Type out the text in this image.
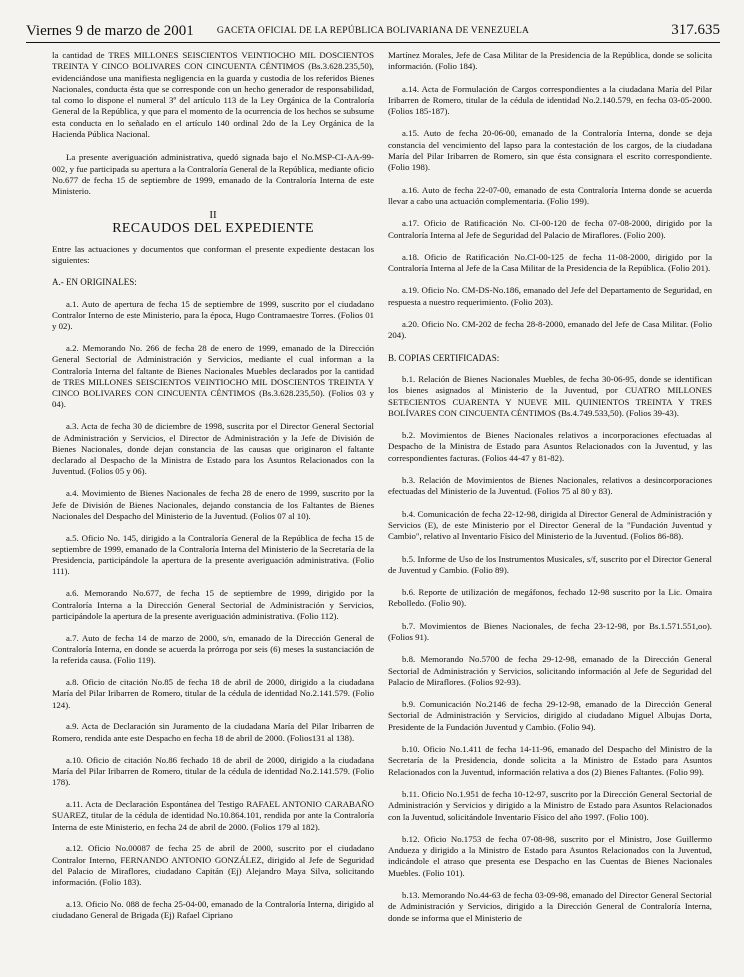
Viernes 9 de marzo de 2001	GACETA OFICIAL DE LA REPÚBLICA BOLIVARIANA DE VENEZUELA	317.635

la cantidad de TRES MILLONES SEISCIENTOS VEINTIOCHO MIL DOSCIENTOS TREINTA Y CINCO BOLIVARES CON CINCUENTA CÉNTIMOS (Bs.3.628.235,50), evidenciándose una manifiesta negligencia en la guarda y custodia de los referidos Bienes Nacionales, conducta ésta que se corresponde con un hecho generador de responsabilidad, tal como lo dispone el numeral 3º del artículo 113 de la Ley Orgánica de la Contraloría General de la República, y que para el momento de la ocurrencia de los hechos se subsume esta conducta en lo señalado en el artículo 140 ordinal 2do de la Ley Orgánica de la Hacienda Pública Nacional.

La presente averiguación administrativa, quedó signada bajo el No.MSP-CI-AA-99-002, y fue participada su apertura a la Contraloría General de la República, mediante oficio No.677 de fecha 15 de septiembre de 1999, emanado de la Contraloría Interna de este Ministerio.

II
RECAUDOS DEL EXPEDIENTE

Entre las actuaciones y documentos que conforman el presente expediente destacan los siguientes:

A.- EN ORIGINALES:

a.1. Auto de apertura de fecha 15 de septiembre de 1999, suscrito por el ciudadano Contralor Interno de este Ministerio, para la época, Hugo Contramaestre Torres. (Folios 01 y 02).

a.2. Memorando No. 266 de fecha 28 de enero de 1999, emanado de la Dirección General Sectorial de Administración y Servicios, mediante el cual informan a la Contraloría Interna del faltante de Bienes Nacionales Muebles declarados por la cantidad de TRES MILLONES SEISCIENTOS VEINTIOCHO MIL DOSCIENTOS TREINTA Y CINCO BOLIVARES CON CINCUENTA CÉNTIMOS (Bs.3.628.235,50). (Folios 03 y 04).

a.3. Acta de fecha 30 de diciembre de 1998, suscrita por el Director General Sectorial de Administración y Servicios, el Director de Administración y la Jefe de División de Bienes Nacionales, donde dejan constancia de las causas que originaron el faltante declarado al Despacho de la Ministra de Estado para los Asuntos Relacionados con la Juventud. (Folios 05 y 06).

a.4. Movimiento de Bienes Nacionales de fecha 28 de enero de 1999, suscrito por la Jefe de División de Bienes Nacionales, dejando constancia de los Faltantes de Bienes Nacionales del Despacho del Ministerio de la Juventud. (Folios 07 al 10).

a.5. Oficio No. 145, dirigido a la Contraloría General de la República de fecha 15 de septiembre de 1999, emanado de la Contraloría Interna del Ministerio de la Secretaría de la Presidencia, participándole la apertura de la presente averiguación administrativa. (Folio 111).

a.6. Memorando No.677, de fecha 15 de septiembre de 1999, dirigido por la Contraloría Interna a la Dirección General Sectorial de Administración y Servicios, participándole la apertura de la presente averiguación administrativa. (Folio 112).

a.7. Auto de fecha 14 de marzo de 2000, s/n, emanado de la Dirección General de Contraloría Interna, en donde se acuerda la prórroga por seis (6) meses la sustanciación de la referida causa. (Folio 119).

a.8. Oficio de citación No.85 de fecha 18 de abril de 2000, dirigido a la ciudadana María del Pilar Iribarren de Romero, titular de la cédula de identidad No.2.141.579. (Folio 124).

a.9. Acta de Declaración sin Juramento de la ciudadana María del Pilar Iribarren de Romero, rendida ante este Despacho en fecha 18 de abril de 2000. (Folios131 al 138).

a.10. Oficio de citación No.86 fechado 18 de abril de 2000, dirigido a la ciudadana María del Pilar Iribarren de Romero, titular de la cédula de identidad No.2.141.579. (Folio 178).

a.11. Acta de Declaración Espontánea del Testigo RAFAEL ANTONIO CARABAÑO SUAREZ, titular de la cédula de identidad No.10.864.101, rendida por ante la Contraloría Interna de este Ministerio, en fecha 24 de abril de 2000. (Folios 179 al 182).

a.12. Oficio No.00087 de fecha 25 de abril de 2000, suscrito por el ciudadano Contralor Interno, FERNANDO ANTONIO GONZÁLEZ, dirigido al Jefe de Seguridad del Palacio de Miraflores, ciudadano Capitán (Ej) Alejandro Maya Silva, solicitando información. (Folio 183).

a.13. Oficio No. 088 de fecha 25-04-00, emanado de la Contraloría Interna, dirigido al ciudadano General de Brigada (Ej) Rafael Cipriano

Martínez Morales, Jefe de Casa Militar de la Presidencia de la República, donde se solicita información. (Folio 184).

a.14. Acta de Formulación de Cargos correspondientes a la ciudadana María del Pilar Iribarren de Romero, titular de la cédula de identidad No.2.140.579, en fecha 03-05-2000. (Folios 185-187).

a.15. Auto de fecha 20-06-00, emanado de la Contraloría Interna, donde se deja constancia del vencimiento del lapso para la contestación de los cargos, de la ciudadana María del Pilar Iribarren de Romero, sin que ésta consignara el escrito correspondiente. (Folio 198).

a.16. Auto de fecha 22-07-00, emanado de esta Contraloría Interna donde se acuerda llevar a cabo una actuación complementaria. (Folio 199).

a.17. Oficio de Ratificación No. CI-00-120 de fecha 07-08-2000, dirigido por la Contraloría Interna al Jefe de Seguridad del Palacio de Miraflores. (Folio 200).

a.18. Oficio de Ratificación No.CI-00-125 de fecha 11-08-2000, dirigido por la Contraloría Interna al Jefe de la Casa Militar de la Presidencia de la República. (Folio 201).

a.19. Oficio No. CM-DS-No.186, emanado del Jefe del Departamento de Seguridad, en respuesta a nuestro requerimiento. (Folio 203).

a.20. Oficio No. CM-202 de fecha 28-8-2000, emanado del Jefe de Casa Militar. (Folio 204).

B. COPIAS CERTIFICADAS:

b.1. Relación de Bienes Nacionales Muebles, de fecha 30-06-95, donde se identifican los bienes asignados al Ministerio de la Juventud, por CUATRO MILLONES SETECIENTOS CUARENTA Y NUEVE MIL QUINIENTOS TREINTA Y TRES BOLÍVARES CON CINCUENTA CÉNTIMOS (Bs.4.749.533,50). (Folios 39-43).

b.2. Movimientos de Bienes Nacionales relativos a incorporaciones efectuadas al Despacho de la Ministra de Estado para Asuntos Relacionados con la Juventud, y las correspondientes facturas. (Folios 44-47 y 81-82).

b.3. Relación de Movimientos de Bienes Nacionales, relativos a desincorporaciones efectuadas del Ministerio de la Juventud. (Folios 75 al 80 y 83).

b.4. Comunicación de fecha 22-12-98, dirigida al Director General de Administración y Servicios (E), de este Ministerio por el Director General de la "Fundación Juventud y Cambio", relativo al Inventario Físico del Ministerio de la Juventud. (Folios 86-88).

b.5. Informe de Uso de los Instrumentos Musicales, s/f, suscrito por el Director General de Juventud y Cambio. (Folio 89).

b.6. Reporte de utilización de megáfonos, fechado 12-98 suscrito por la Lic. Omaira Rebolledo. (Folio 90).

b.7. Movimientos de Bienes Nacionales, de fecha 23-12-98, por Bs.1.571.551,oo). (Folios 91).

b.8. Memorando No.5700 de fecha 29-12-98, emanado de la Dirección General Sectorial de Administración y Servicios, solicitando información al Jefe de Seguridad del Palacio de Miraflores. (Folios 92-93).

b.9. Comunicación No.2146 de fecha 29-12-98, emanado de la Dirección General Sectorial de Administración y Servicios, dirigido al ciudadano Miguel Albujas Dorta, Presidente de la Fundación Juventud y Cambio. (Folio 94).

b.10. Oficio No.1.411 de fecha 14-11-96, emanado del Despacho del Ministro de la Secretaría de la Presidencia, donde solicita a la Ministro de Estado para Asuntos Relacionados con la Juventud, información relativa a dos (2) Bienes Faltantes. (Folio 99).

b.11. Oficio No.1.951 de fecha 10-12-97, suscrito por la Dirección General Sectorial de Administración y Servicios y dirigido a la Ministro de Estado para Asuntos Relacionados con la Juventud, solicitándole Inventario Físico del año 1997. (Folio 100).

b.12. Oficio No.1753 de fecha 07-08-98, suscrito por el Ministro, Jose Guillermo Andueza y dirigido a la Ministro de Estado para Asuntos Relacionados con la Juventud, indicándole el atraso que presenta ese Despacho en las Cuentas de Bienes Nacionales Muebles. (Folio 101).

b.13. Memorando No.44-63 de fecha 03-09-98, emanado del Director General Sectorial de Administración y Servicios, dirigido a la Dirección General de Contraloría Interna, donde se informa que el Ministerio de
